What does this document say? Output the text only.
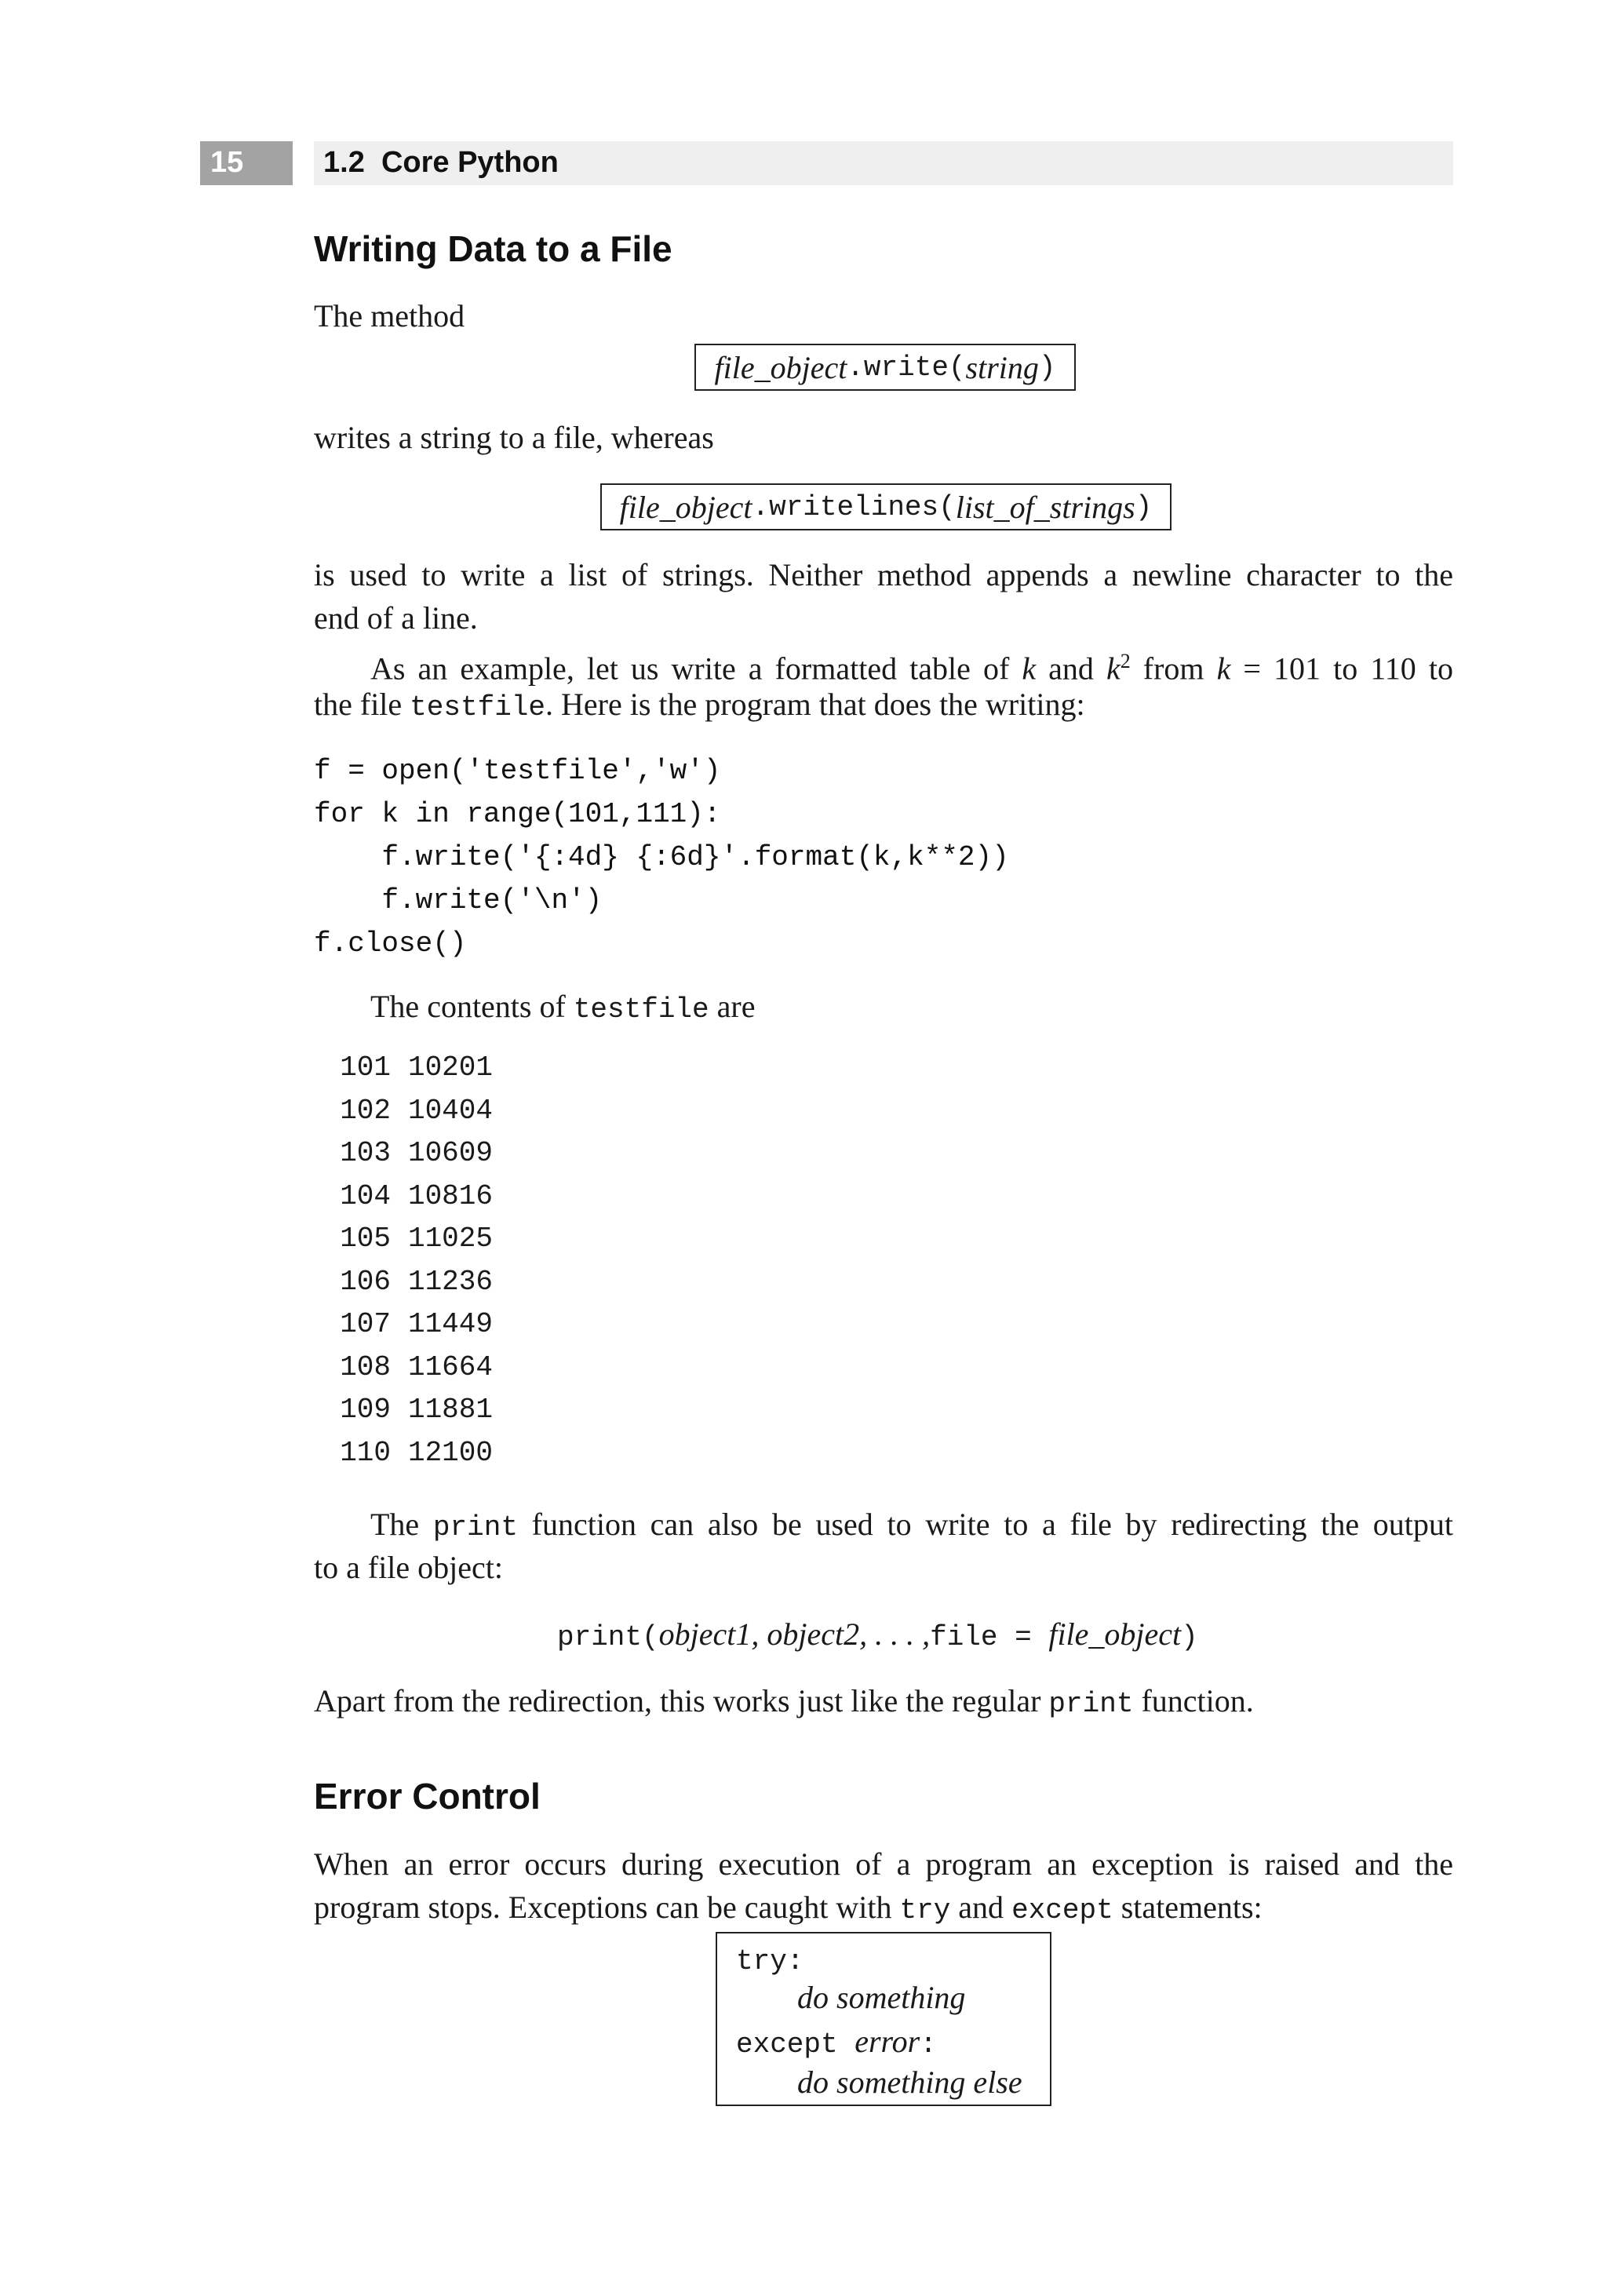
15	1.2  Core Python
Writing Data to a File
The method
file_object .write( string )
writes a string to a file, whereas
file_object .writelines( list_of_strings )
is used to write a list of strings. Neither method appends a newline character to the
end of a line.
As an example, let us write a formatted table of k and $k^2$ from k = 101 to 110 to
the file testfile. Here is the program that does the writing:
f = open('testfile','w')
for k in range(101,111):
f.write('{:4d} {:6d}'.format(k,k**2))
f.write('\n')
f.close()
The contents of testfile are
101 10201
102 10404
103 10609
104 10816
105 11025
106 11236
107 11449
108 11664
109 11881
110 12100
The print function can also be used to write to a file by redirecting the output
to a file object:
print(object1, object2, . . . ,file = file_object)
Apart from the redirection, this works just like the regular print function.
Error Control
When an error occurs during execution of a program an exception is raised and the
program stops. Exceptions can be caught with try and except statements:
try:
do something
except error:
do something else
